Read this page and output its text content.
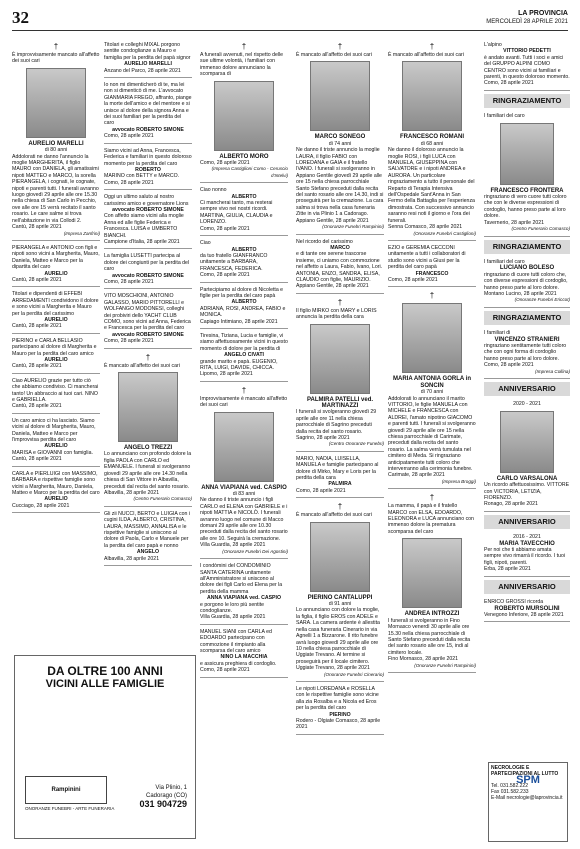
32	LA PROVINCIA
MERCOLEDÌ 28 APRILE 2021
†
È improvvisamente mancato all'affetto dei suoi cari
AURELIO MARELLI
di 80 anni
Addolorati ne danno l'annuncio la moglie MARGHERITA, il figlio MAURO con DANIELA, gli amatissimi nipoti MATTEO e MARCO, la sorella PIERANGELA, i cognati, le cognate, nipoti e parenti tutti. I funerali avranno luogo giovedì 29 aprile alle ore 15.30 nella chiesa di San Carlo in Pecchio, ove alle ore 15 verrà recitato il santo rosario. Le care salme si trova nell'abitazione in via Collodi 2.
Cantù, 28 aprile 2021
(Impresa Zanfrini)
PIERANGELA e ANTONIO con figli e nipoti sono vicini a Margherita, Mauro, Daniela, Matteo e Marco per la dipartita del caro
AURELIO
Cantù, 28 aprile 2021
Titolari e dipendenti di EFFEBI ARREDAMENTI condividono il dolore e sono vicini a Margherita e Mauro per la perdita del carissimo
AURELIO
Cantù, 28 aprile 2021
PIERINO e CARLA BELLASIO partecipano al dolore di Margherita e Mauro per la perdita del caro amico
AURELIO
Cantù, 28 aprile 2021
Ciao AURELIO grazie per tutto ciò che abbiamo condiviso. Ci mancherai tanto! Un abbraccio ai tuoi cari. NINO e GABRIELLA.
Cantù, 28 aprile 2021
Un caro amico ci ha lasciato. Siamo vicini al dolore di Margherita, Mauro, Daniela, Matteo e Marco per l'improvvisa perdita del caro
AURELIO
MARISA e GIOVANNI con famiglia.
Cantù, 28 aprile 2021
CARLA e PIERLUIGI con MASSIMO, BARBARA e rispettive famiglie sono vicini a Margherita, Mauro, Daniela, Matteo e Marco per la perdita del caro
AURELIO
Cucciago, 28 aprile 2021
Titolari e colleghi MIXAL porgono sentite condoglianze a Mauro e famiglia per la perdita del papà signor
AURELIO MARELLI
Anzano del Parco, 28 aprile 2021
Io non mi dimenticherò di te, ma lei non si dimenticò di me. L'avvocato GIANMARIA FREGO, affranto, piange la morte dell'amico e del mentore e si unisce al dolore della signora Anna e dei suoi familiari per la perdita del caro
avvocato ROBERTO SIMONE
Como, 28 aprile 2021
Siamo vicini ad Anna, Francesca, Federica e familiari in questo doloroso momento per la perdita del caro
ROBERTO
MARINO con BETTY e MARCO.
Como, 28 aprile 2021
Oggi un ultimo saluto al nostro carissimo amico e governatore Lions
avvocato ROBERTO SIMONE
Con affetto siamo vicini alla moglie Anna ed alle figlie Federica e Francesca. LUISA e UMBERTO BIANCHI.
Campione d'Italia, 28 aprile 2021
La famiglia LUSETTI partecipa al dolore dei congiunti per la perdita del caro
avvocato ROBERTO SIMONE
Como, 28 aprile 2021
VITO MOSCHIONI, ANTONIO GALASSO, MARIO PITTORELLI e WOLFANGO MODONESI, colleghi dei probiviri dello YACHT CLUB COMO, sono vicini ad Anna, Federica e Francesca per la perdita del caro
avvocato ROBERTO SIMONE
Como, 28 aprile 2021
†
È mancato all'affetto dei suoi cari
ANGELO TREZZI
Lo annunciano con profondo dolore la figlia PAOLA con CARLO ed EMANUELE. I funerali si svolgeranno giovedì 29 aprile alle ore 14.30 nella chiesa di San Vittore in Albavilla, preceduti dal recita del santo rosario.
Albavilla, 28 aprile 2021
(Centro Funerario Comasco)
Gli zii NUCCI, BERTO e LUIGIA con i cugini ILDA, ALBERTO, CRISTINA, LAURA, MASSIMO, ANNALISA e le rispettive famiglie si uniscono al dolore di Paola, Carlo e Manuele per la perdita del caro papà e nonno
ANGELO
Albavilla, 28 aprile 2021
†
A funerali avvenuti, nel rispetto delle sue ultime volontà, i familiari con immenso dolore annunciano la scomparsa di
ALBERTO MORO
Como, 28 aprile 2021
(Impresa Castiglioni Como - Ceruscio d'Intelvi)
Ciao nonno
ALBERTO
Ci mancherai tanto, ma resterai sempre vivo nei nostri ricordi. MARTINA, GIULIA, CLAUDIA e LORENZO.
Como, 28 aprile 2021
Ciao
ALBERTO
da tuo fratello GIANFRANCO unitamente a BARBARA, FRANCESCA, FEDERICA.
Como, 28 aprile 2021
Partecipiamo al dolore di Nicoletta e figlie per la perdita del caro papà
ALBERTO
ADRIANA, ROSI, ANDREA, FABIO e MONICA.
Capiago Intimiano, 28 aprile 2021
Tiresina, Tiziana, Lucia e famiglie, vi siamo affettuosamente vicini in questo momento di dolore per la perdita di
ANGELO CIVATI
grande marito e papà. EUGENIO, RITA, LUIGI, DAVIDE, CHICCA.
Lipomo, 28 aprile 2021
†
Improvvisamente è mancato all'affetto dei suoi cari
ANNA VIAPIANA ved. CASPIO
di 83 anni
Ne danno il triste annuncio i figli CARLO ed ELENA con GABRIELE e i nipoti MATTIA e NICOLÒ. I funerali avranno luogo nel comune di Macco domani 29 aprile alle ore 10.30 preceduti dalla recita del santo rosario alle ore 10. Seguirà la cremazione.
Villa Guardia, 28 aprile 2021
(Onoranze Funebri Dei Agostini)
I condòmini del CONDOMINIO SANTA CATERINA unitamente all'Amministratore si uniscono al dolore dei figli Carlo ed Elena per la perdita della mamma
ANNA VIAPIANA ved. CASPIO
e porgono le loro più sentite condoglianze.
Villa Guardia, 28 aprile 2021
MANUEL SIANI con CARLA ed EDOARDO partecipano con commozione il rimpianto alla scomparsa del caro amico
NINO LA MACCHIA
e assicura preghiera di cordoglio.
Como, 28 aprile 2021
†
È mancato all'affetto dei suoi cari
MARCO SONEGO
di 74 anni
Ne danno il triste annuncio la moglie LAURA, il figlio FABIO con LOREDANA e GAIA e il fratello IVANO. I funerali si svolgeranno in Appiano Gentile giovedì 29 aprile alle ore 15 nella chiesa parrocchiale Santo Stefano preceduti dalla recita del santo rosario alle ore 14.30, indi si proseguirà per la cremazione. La cara salma si trova nella casa funeraria Zitte in via Plinio 1 a Cadorago.
Appiano Gentile, 28 aprile 2021
(Onoranze Funebri Rampinini)
Nel ricordo del carissimo
MARCO
e di tante ore serene trascorse insieme, ci uniamo con commozione nel affetto a Laura, Fabio, Ivano, Lori. ANTONIA, ENZO, SANDRA, ELISA, CLAUDIO con figlie, MAURIZIO.
Appiano Gentile, 28 aprile 2021
†
Il figlio MIRKO con MARY e LORIS annuncia la perdita della cara
PALMIRA PATELLI ved. MARTINAZZI
I funerali si svolgeranno giovedì 29 aprile alle ore 11 nella chiesa parrocchiale di Sagrino preceduti dalla recita del santo rosario.
Sagrino, 28 aprile 2021
(Centro Onoranze Funebri)
MARIO, NADIA, LUISELLA, MANUELA e famiglie partecipano al dolore di Mirko, Mary e Loris per la perdita della cara
PALMIRA
Como, 28 aprile 2021
†
È mancato all'affetto dei suoi cari
PIERINO CANTALUPPI
di 91 anni
Lo annunciano con dolore la moglie, la figlia, il figlio EROS con ADELE e SARA. La camera ardente è allestita nella casa funeraria Cinerario in via Agnelli 1 a Bizzarone. Il rito funebre avrà luogo giovedì 29 aprile alle ore 10 nella chiesa parrocchiale di Uggiate Trevano. Al termine si proseguirà per il locale cimitero.
Uggiate Trevano, 28 aprile 2021
(Onoranze Funebri Cinerario)
Le nipoti LOREDANA e ROSELLA con le rispettive famiglie sono vicine alla zia Rosalba e a Nicola ed Eros per la perdita del caro
PIERINO
Rodero - Olgiate Comasco, 28 aprile 2021
†
È mancato all'affetto dei suoi cari
FRANCESCO ROMANI
di 68 anni
Ne danno il doloroso annuncio la moglie ROSI, i figli LUCA con MANUELA, GIUSEPPINA con SALVATORE e i nipoti ANDREA e AURORA. Un particolare ringraziamento a tutto il personale del Reparto di Terapia Intensiva dell'Ospedale Sant'Anna in San Fermo della Battaglia per l'esperienza dimostrata. Con successivo annuncio saranno resi noti il giorno e l'ora dei funerali.
Senna Comasco, 28 aprile 2021
(Onoranze Funebri Castiglioni)
EZIO e GEREMIA CECCONI unitamente a tutti i collaboratori di studio sono vicini a Giusi per la perdita del caro papà
FRANCESCO
Como, 28 aprile 2021
†
MARIA ANTONIA GORLA in SONCIN
di 70 anni
Addolorati lo annunciano il marito VITTORIO, le figlie MANUELA con MICHELE e FRANCESCA con ALDREI, l'amato nipotino GIACOMO e parenti tutti. I funerali si svolgeranno giovedì 29 aprile alle ore 15 nella chiesa parrocchiale di Carimate, preceduti dalla recita del santo rosario. La salma verrà tumulata nel cimitero di Meda. Si ringraziano anticipatamente tutti coloro che interverranno alla cerimonia funebre.
Carimate, 28 aprile 2021
(Impresa Broggi)
†
La mamma, il papà e il fratello MARCO con ELSA, EDOARDO, ELEONORA e LUCA annunciano con immenso dolore la prematura scomparsa del caro
ANDREA INTROZZI
I funerali si svolgeranno in Fino Mornasco venerdì 30 aprile alle ore 15.30 nella chiesa parrocchiale di Santo Stefano preceduti dalla recita del santo rosario alle ore 15, indi al cimitero locale.
Fino Mornasco, 28 aprile 2021
(Onoranze Funebri Rampinini)
L'alpino
VITTORIO PEDETTI
è andato avanti. Tutti i soci e amici del GRUPPO ALPINI COMO CENTRO sono vicini ai familiari e parenti, in questo doloroso momento.
Como, 28 aprile 2021
RINGRAZIAMENTO
I familiari del caro
FRANCESCO FRONTERA
ringraziano di vero cuore tutti coloro che con le diverse espressioni di cordoglio, hanno preso parte al loro dolore.
Tavernerio, 28 aprile 2021
(Centro Funerario Comasco)
RINGRAZIAMENTO
I familiari del caro
LUCIANO BOLESO
ringraziano di cuore tutti coloro che, con diverse espressioni di cordoglio, hanno preso parte al loro dolore.
Montano Lucino, 28 aprile 2021
(Onoranze Funebri Ericcot)
RINGRAZIAMENTO
I familiari di
VINCENZO STRANIERI
ringraziano sentitamente tutti coloro che con ogni forma di cordoglio hanno preso parte al loro dolore.
Como, 28 aprile 2021
(Impresa Collina)
ANNIVERSARIO
2020 - 2021
CARLO VARSALONA
Un ricordo affettuosissimo. VITTORE con VICTORIA, LETIZIA, FIORENZO.
Ronago, 28 aprile 2021
ANNIVERSARIO
2016 - 2021
MARIA TAVECCHIO
Per noi che ti abbiamo amata sempre vivo rimarrà il ricordo. I tuoi figli, nipoti, parenti.
Erba, 28 aprile 2021
ANNIVERSARIO
ENRICO GROSSI ricorda
ROBERTO MURSOLINI
Venegono Inferiore, 28 aprile 2021
DA OLTRE 100 ANNI
VICINI ALLE FAMIGLIE
Rampinini
ONORANZE FUNEBRI - ARTE FUNERARIA
Via Plinio, 1
Cadorago (CO)
031 904729
NECROLOGIE E PARTECIPAZIONI AL LUTTO
SPM
Tel. 031.582.222
Fax 031.582.233
E-Mail necrologie@laprovincia.it
